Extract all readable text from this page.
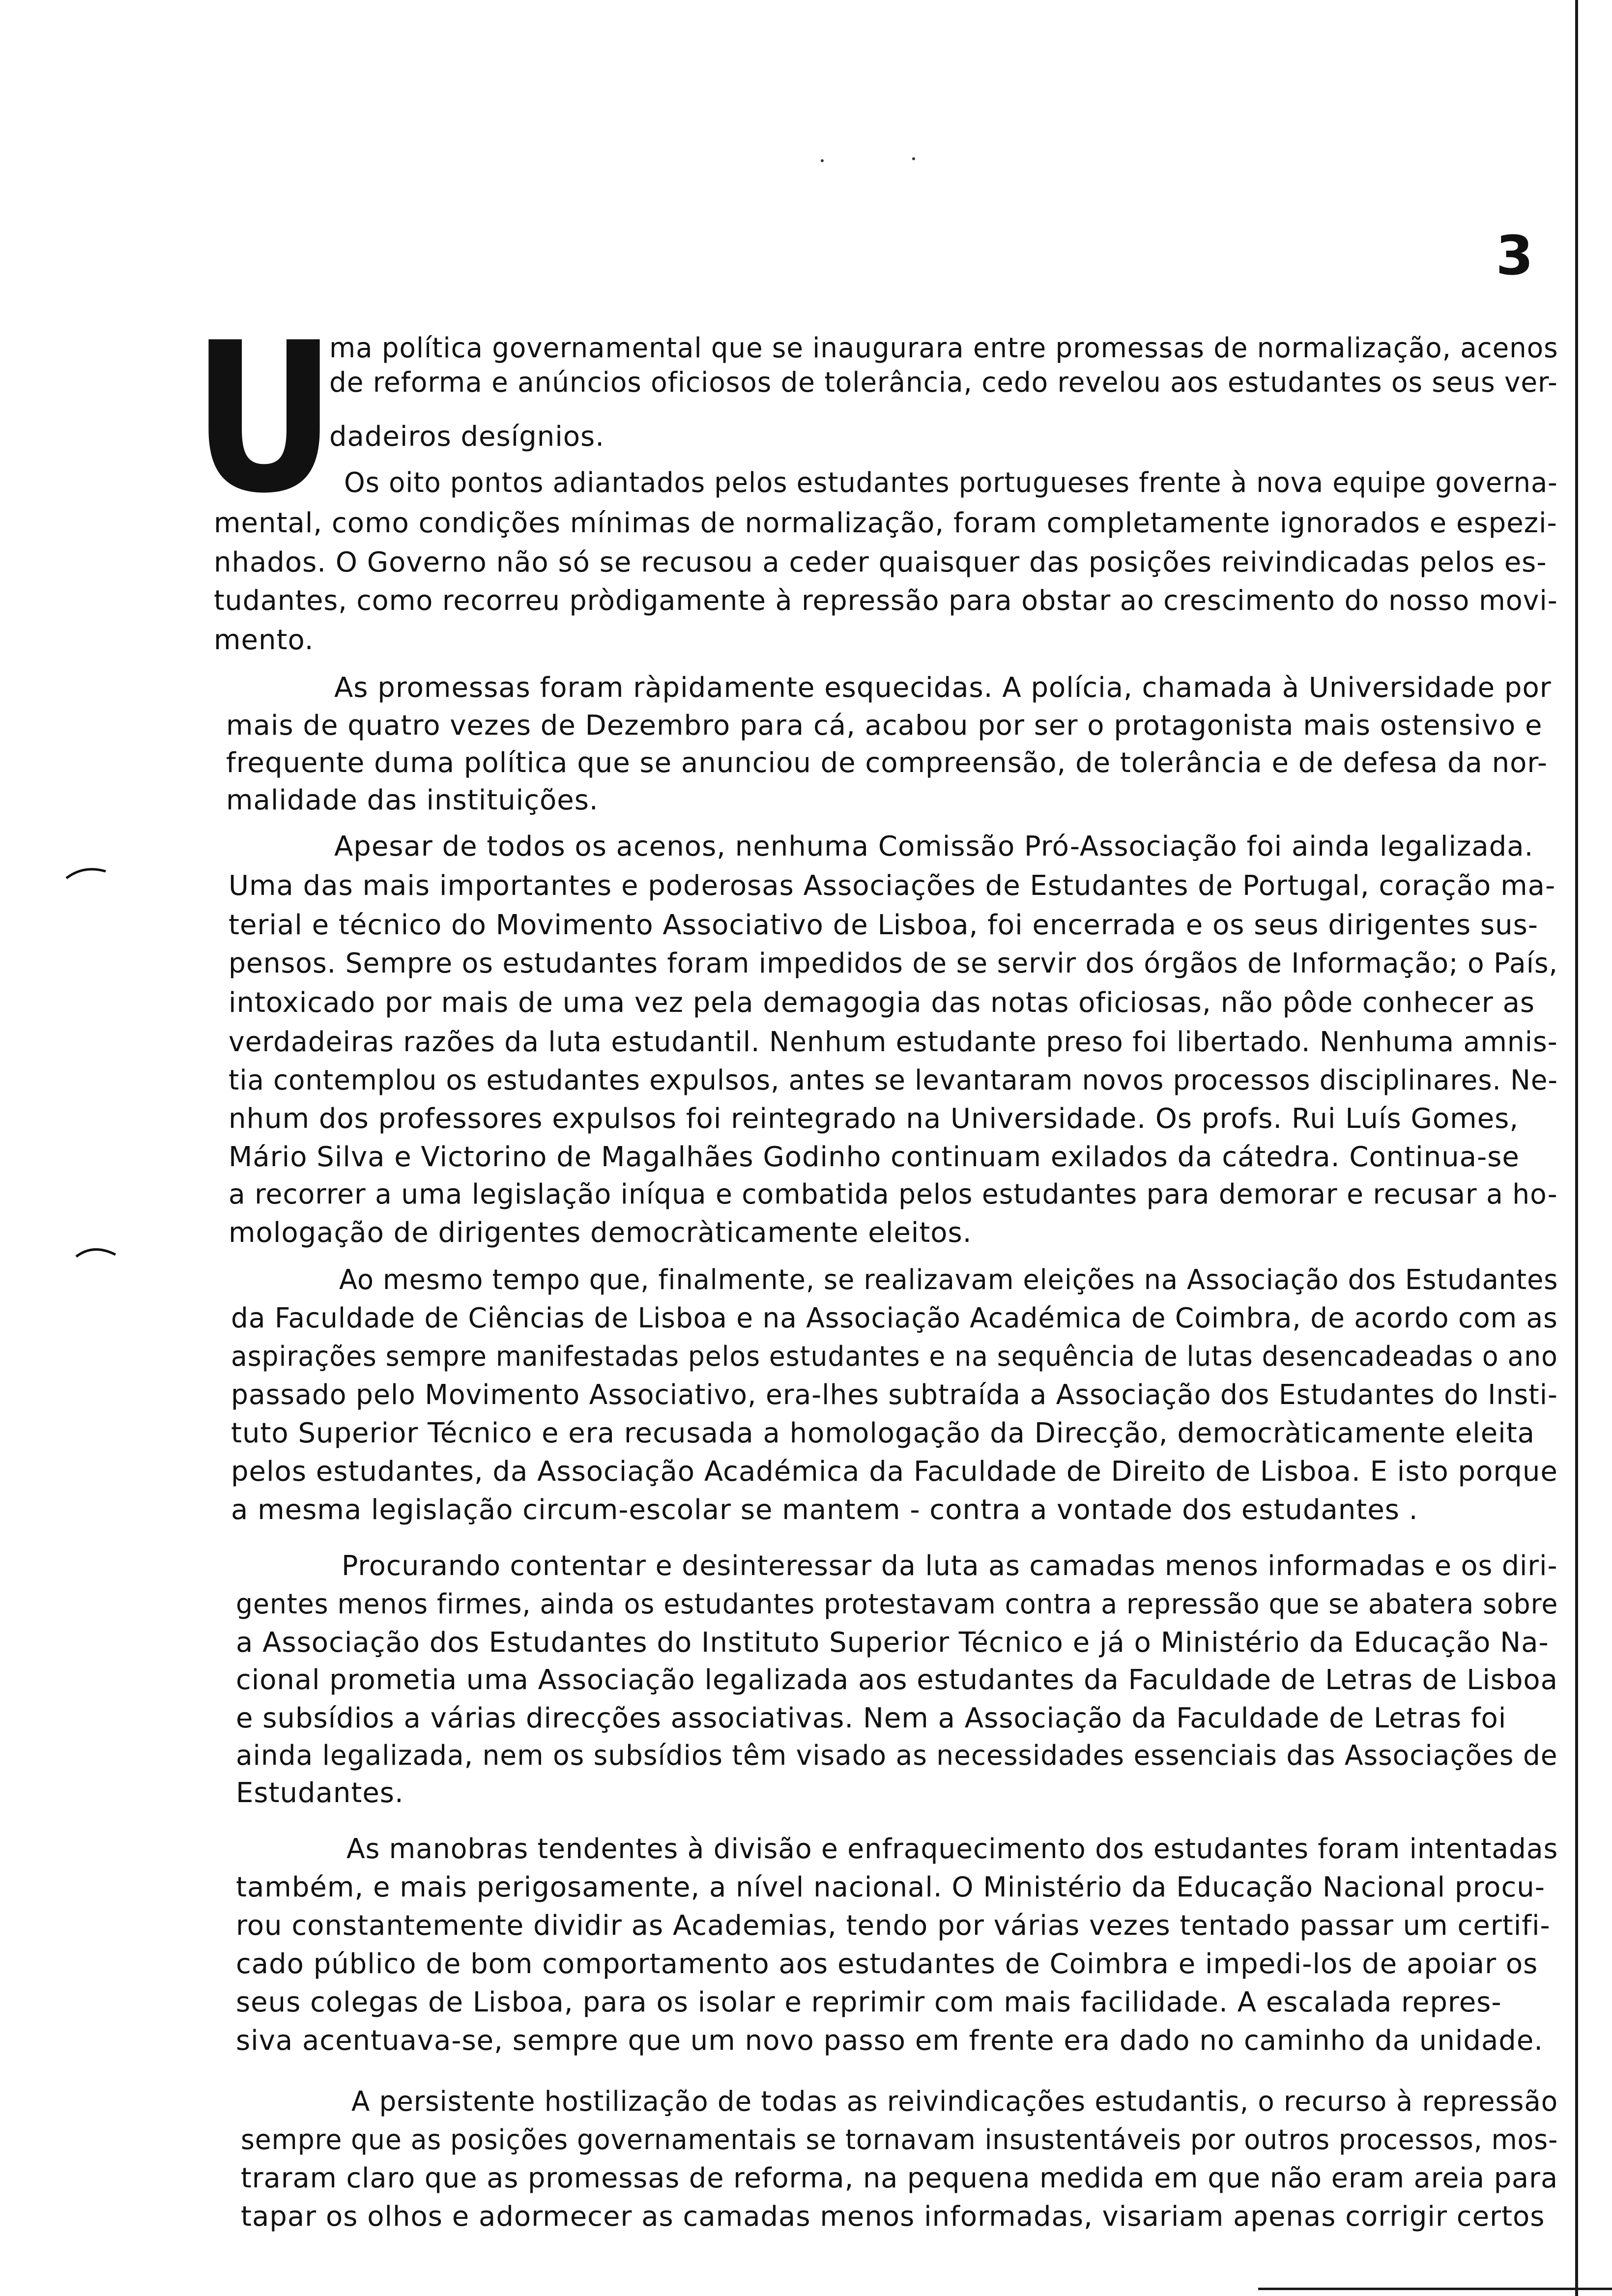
3
U
ma política governamental que se inaugurara entre promessas de normalização, acenos
de reforma e anúncios oficiosos de tolerância, cedo revelou aos estudantes os seus ver-
dadeiros desígnios.
Os oito pontos adiantados pelos estudantes portugueses frente à nova equipe governa-
mental, como condições mínimas de normalização, foram completamente ignorados e espezi-
nhados. O Governo não só se recusou a ceder quaisquer das posições reivindicadas pelos es-
tudantes, como recorreu pròdigamente à repressão para obstar ao crescimento do nosso movi-
mento.
As promessas foram ràpidamente esquecidas. A polícia, chamada à Universidade por
mais de quatro vezes de Dezembro para cá, acabou por ser o protagonista mais ostensivo e
frequente duma política que se anunciou de compreensão, de tolerância e de defesa da nor-
malidade das instituições.
Apesar de todos os acenos, nenhuma Comissão Pró-Associação foi ainda legalizada.
Uma das mais importantes e poderosas Associações de Estudantes de Portugal, coração ma-
terial e técnico do Movimento Associativo de Lisboa, foi encerrada e os seus dirigentes sus-
pensos. Sempre os estudantes foram impedidos de se servir dos órgãos de Informação; o País,
intoxicado por mais de uma vez pela demagogia das notas oficiosas, não pôde conhecer as
verdadeiras razões da luta estudantil. Nenhum estudante preso foi libertado. Nenhuma amnis-
tia contemplou os estudantes expulsos, antes se levantaram novos processos disciplinares. Ne-
nhum dos professores expulsos foi reintegrado na Universidade. Os profs. Rui Luís Gomes,
Mário Silva e Victorino de Magalhães Godinho continuam exilados da cátedra. Continua-se
a recorrer a uma legislação iníqua e combatida pelos estudantes para demorar e recusar a ho-
mologação de dirigentes democràticamente eleitos.
Ao mesmo tempo que, finalmente, se realizavam eleições na Associação dos Estudantes
da Faculdade de Ciências de Lisboa e na Associação Académica de Coimbra, de acordo com as
aspirações sempre manifestadas pelos estudantes e na sequência de lutas desencadeadas o ano
passado pelo Movimento Associativo, era-lhes subtraída a Associação dos Estudantes do Insti-
tuto Superior Técnico e era recusada a homologação da Direcção, democràticamente eleita
pelos estudantes, da Associação Académica da Faculdade de Direito de Lisboa. E isto porque
a mesma legislação circum-escolar se mantem - contra a vontade dos estudantes .
Procurando contentar e desinteressar da luta as camadas menos informadas e os diri-
gentes menos firmes, ainda os estudantes protestavam contra a repressão que se abatera sobre
a Associação dos Estudantes do Instituto Superior Técnico e já o Ministério da Educação Na-
cional prometia uma Associação legalizada aos estudantes da Faculdade de Letras de Lisboa
e subsídios a várias direcções associativas. Nem a Associação da Faculdade de Letras foi
ainda legalizada, nem os subsídios têm visado as necessidades essenciais das Associações de
Estudantes.
As manobras tendentes à divisão e enfraquecimento dos estudantes foram intentadas
também, e mais perigosamente, a nível nacional. O Ministério da Educação Nacional procu-
rou constantemente dividir as Academias, tendo por várias vezes tentado passar um certifi-
cado público de bom comportamento aos estudantes de Coimbra e impedi-los de apoiar os
seus colegas de Lisboa, para os isolar e reprimir com mais facilidade. A escalada repres-
siva acentuava-se, sempre que um novo passo em frente era dado no caminho da unidade.
A persistente hostilização de todas as reivindicações estudantis, o recurso à repressão
sempre que as posições governamentais se tornavam insustentáveis por outros processos, mos-
traram claro que as promessas de reforma, na pequena medida em que não eram areia para
tapar os olhos e adormecer as camadas menos informadas, visariam apenas corrigir certos
